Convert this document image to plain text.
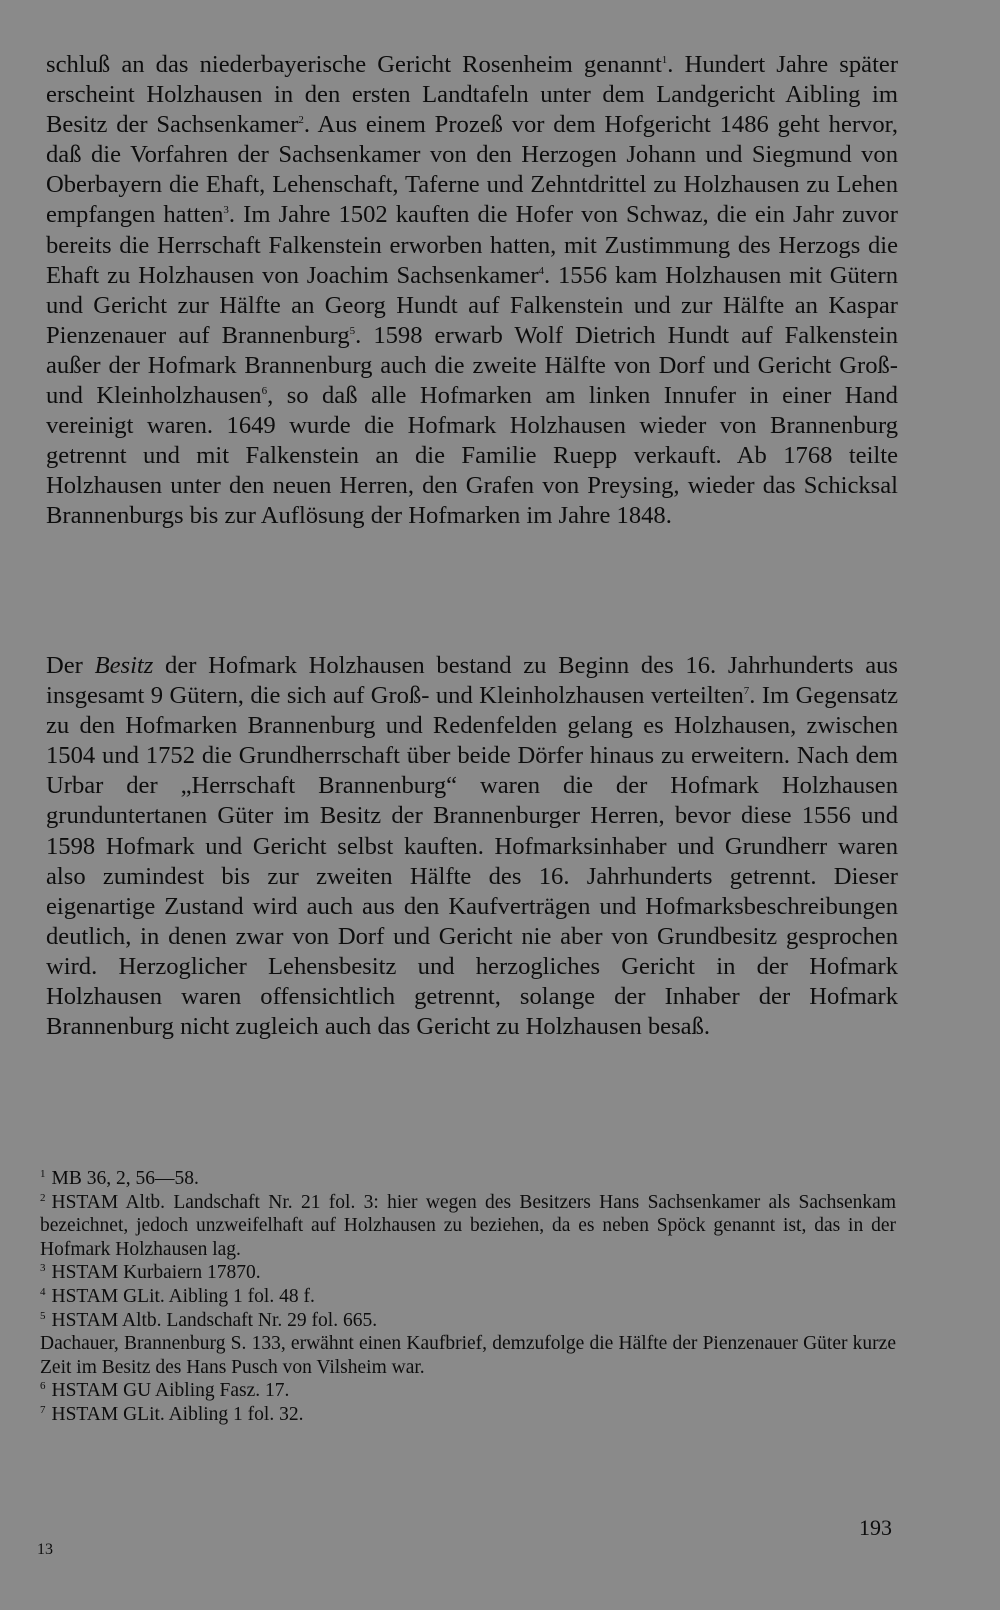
schluß an das niederbayerische Gericht Rosenheim genannt$^1$. Hundert Jahre später erscheint Holzhausen in den ersten Landtafeln unter dem Landgericht Aibling im Besitz der Sachsenkamer$^2$. Aus einem Prozeß vor dem Hofgericht 1486 geht hervor, daß die Vorfahren der Sachsenkamer von den Herzogen Johann und Siegmund von Oberbayern die Ehaft, Lehenschaft, Taferne und Zehntdrittel zu Holzhausen zu Lehen empfangen hatten$^3$. Im Jahre 1502 kauften die Hofer von Schwaz, die ein Jahr zuvor bereits die Herrschaft Falkenstein erworben hatten, mit Zustimmung des Herzogs die Ehaft zu Holzhausen von Joachim Sachsenkamer$^4$. 1556 kam Holzhausen mit Gütern und Gericht zur Hälfte an Georg Hundt auf Falkenstein und zur Hälfte an Kaspar Pienzenauer auf Brannenburg$^5$. 1598 erwarb Wolf Dietrich Hundt auf Falkenstein außer der Hofmark Brannenburg auch die zweite Hälfte von Dorf und Gericht Groß- und Kleinholzhausen$^6$, so daß alle Hofmarken am linken Innufer in einer Hand vereinigt waren. 1649 wurde die Hofmark Holzhausen wieder von Brannenburg getrennt und mit Falkenstein an die Familie Ruepp verkauft. Ab 1768 teilte Holzhausen unter den neuen Herren, den Grafen von Preysing, wieder das Schicksal Brannenburgs bis zur Auflösung der Hofmarken im Jahre 1848.

Der Besitz der Hofmark Holzhausen bestand zu Beginn des 16. Jahrhunderts aus insgesamt 9 Gütern, die sich auf Groß- und Kleinholzhausen verteilten$^7$. Im Gegensatz zu den Hofmarken Brannenburg und Redenfelden gelang es Holzhausen, zwischen 1504 und 1752 die Grundherrschaft über beide Dörfer hinaus zu erweitern. Nach dem Urbar der „Herrschaft Brannenburg“ waren die der Hofmark Holzhausen grunduntertanen Güter im Besitz der Brannenburger Herren, bevor diese 1556 und 1598 Hofmark und Gericht selbst kauften. Hofmarksinhaber und Grundherr waren also zumindest bis zur zweiten Hälfte des 16. Jahrhunderts getrennt. Dieser eigenartige Zustand wird auch aus den Kaufverträgen und Hofmarksbeschreibungen deutlich, in denen zwar von Dorf und Gericht nie aber von Grundbesitz gesprochen wird. Herzoglicher Lehensbesitz und herzogliches Gericht in der Hofmark Holzhausen waren offensichtlich getrennt, solange der Inhaber der Hofmark Brannenburg nicht zugleich auch das Gericht zu Holzhausen besaß.

$^1$ MB 36, 2, 56—58.
$^2$ HSTAM Altb. Landschaft Nr. 21 fol. 3: hier wegen des Besitzers Hans Sachsenkamer als Sachsenkam bezeichnet, jedoch unzweifelhaft auf Holzhausen zu beziehen, da es neben Spöck genannt ist, das in der Hofmark Holzhausen lag.
$^3$ HSTAM Kurbaiern 17870.
$^4$ HSTAM GLit. Aibling 1 fol. 48 f.
$^5$ HSTAM Altb. Landschaft Nr. 29 fol. 665.
Dachauer, Brannenburg S. 133, erwähnt einen Kaufbrief, demzufolge die Hälfte der Pienzenauer Güter kurze Zeit im Besitz des Hans Pusch von Vilsheim war.
$^6$ HSTAM GU Aibling Fasz. 17.
$^7$ HSTAM GLit. Aibling 1 fol. 32.
193
13
